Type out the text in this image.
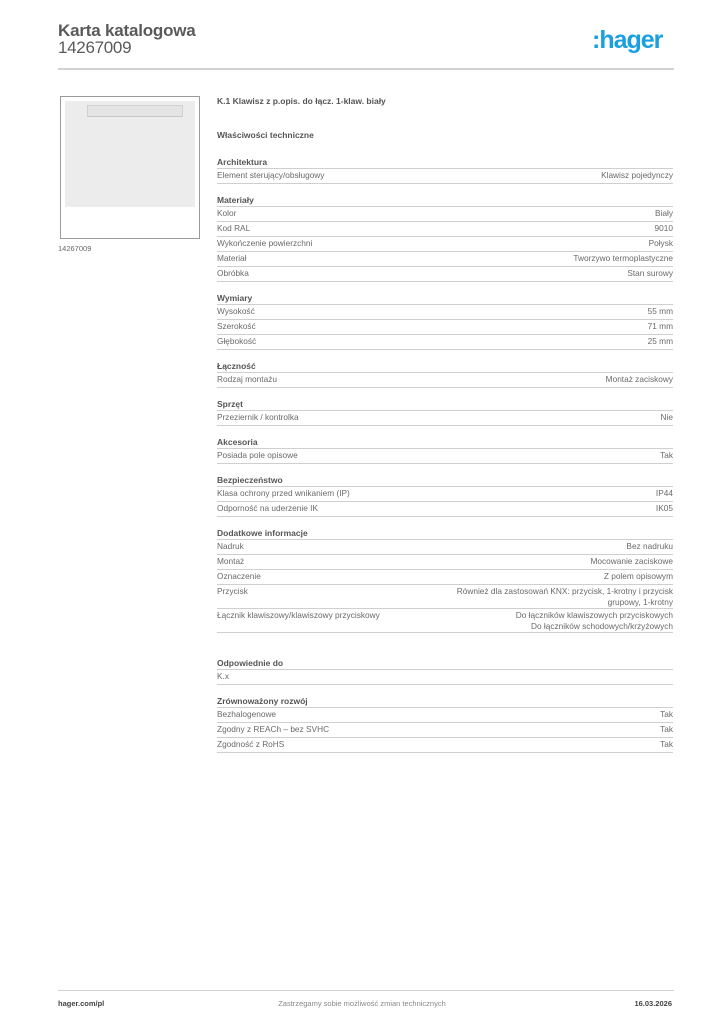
Karta katalogowa
14267009	:hager
14267009
K.1 Klawisz z p.opis. do łącz. 1-klaw. biały
Właściwości techniczne
Architektura
Element sterujący/obsługowy	Klawisz pojedynczy
Materiały
Kolor	Biały
Kod RAL	9010
Wykończenie powierzchni	Połysk
Materiał	Tworzywo termoplastyczne
Obróbka	Stan surowy
Wymiary
Wysokość	55 mm
Szerokość	71 mm
Głębokość	25 mm
Łączność
Rodzaj montażu	Montaż zaciskowy
Sprzęt
Przeziernik / kontrolka	Nie
Akcesoria
Posiada pole opisowe	Tak
Bezpieczeństwo
Klasa ochrony przed wnikaniem (IP)	IP44
Odporność na uderzenie IK	IK05
Dodatkowe informacje
Nadruk	Bez nadruku
Montaż	Mocowanie zaciskowe
Oznaczenie	Z polem opisowym
Przycisk	Również dla zastosowań KNX: przycisk, 1-krotny i przycisk
grupowy, 1-krotny
Łącznik klawiszowy/klawiszowy przyciskowy	Do łączników klawiszowych przyciskowych
Do łączników schodowych/krzyżowych
Odpowiednie do
K.x
Zrównoważony rozwój
Bezhalogenowe	Tak
Zgodny z REACh – bez SVHC	Tak
Zgodność z RoHS	Tak
hager.com/pl	Zastrzegamy sobie możliwość zmian technicznych	16.03.2026
